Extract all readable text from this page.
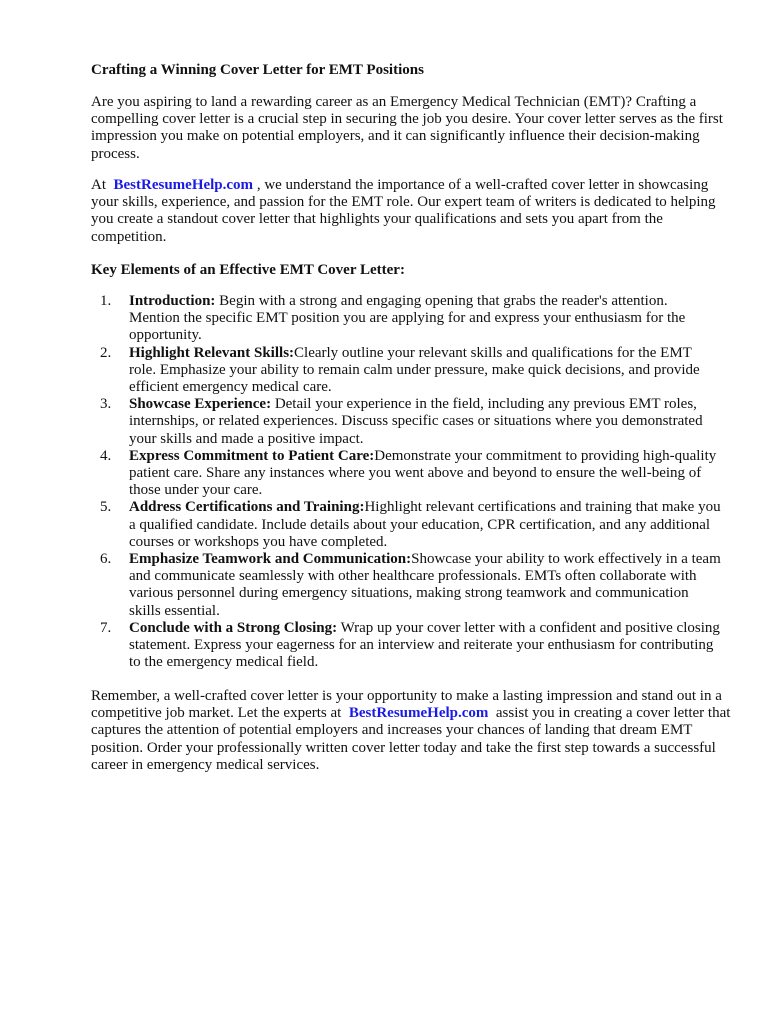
Crafting a Winning Cover Letter for EMT Positions
Are you aspiring to land a rewarding career as an Emergency Medical Technician (EMT)? Crafting a compelling cover letter is a crucial step in securing the job you desire. Your cover letter serves as the first impression you make on potential employers, and it can significantly influence their decision-making process.
At BestResumeHelp.com , we understand the importance of a well-crafted cover letter in showcasing your skills, experience, and passion for the EMT role. Our expert team of writers is dedicated to helping you create a standout cover letter that highlights your qualifications and sets you apart from the competition.
Key Elements of an Effective EMT Cover Letter:
1. Introduction: Begin with a strong and engaging opening that grabs the reader's attention. Mention the specific EMT position you are applying for and express your enthusiasm for the opportunity.
2. Highlight Relevant Skills:Clearly outline your relevant skills and qualifications for the EMT role. Emphasize your ability to remain calm under pressure, make quick decisions, and provide efficient emergency medical care.
3. Showcase Experience: Detail your experience in the field, including any previous EMT roles, internships, or related experiences. Discuss specific cases or situations where you demonstrated your skills and made a positive impact.
4. Express Commitment to Patient Care:Demonstrate your commitment to providing high-quality patient care. Share any instances where you went above and beyond to ensure the well-being of those under your care.
5. Address Certifications and Training:Highlight relevant certifications and training that make you a qualified candidate. Include details about your education, CPR certification, and any additional courses or workshops you have completed.
6. Emphasize Teamwork and Communication:Showcase your ability to work effectively in a team and communicate seamlessly with other healthcare professionals. EMTs often collaborate with various personnel during emergency situations, making strong teamwork and communication skills essential.
7. Conclude with a Strong Closing: Wrap up your cover letter with a confident and positive closing statement. Express your eagerness for an interview and reiterate your enthusiasm for contributing to the emergency medical field.
Remember, a well-crafted cover letter is your opportunity to make a lasting impression and stand out in a competitive job market. Let the experts at BestResumeHelp.com assist you in creating a cover letter that captures the attention of potential employers and increases your chances of landing that dream EMT position. Order your professionally written cover letter today and take the first step towards a successful career in emergency medical services.
